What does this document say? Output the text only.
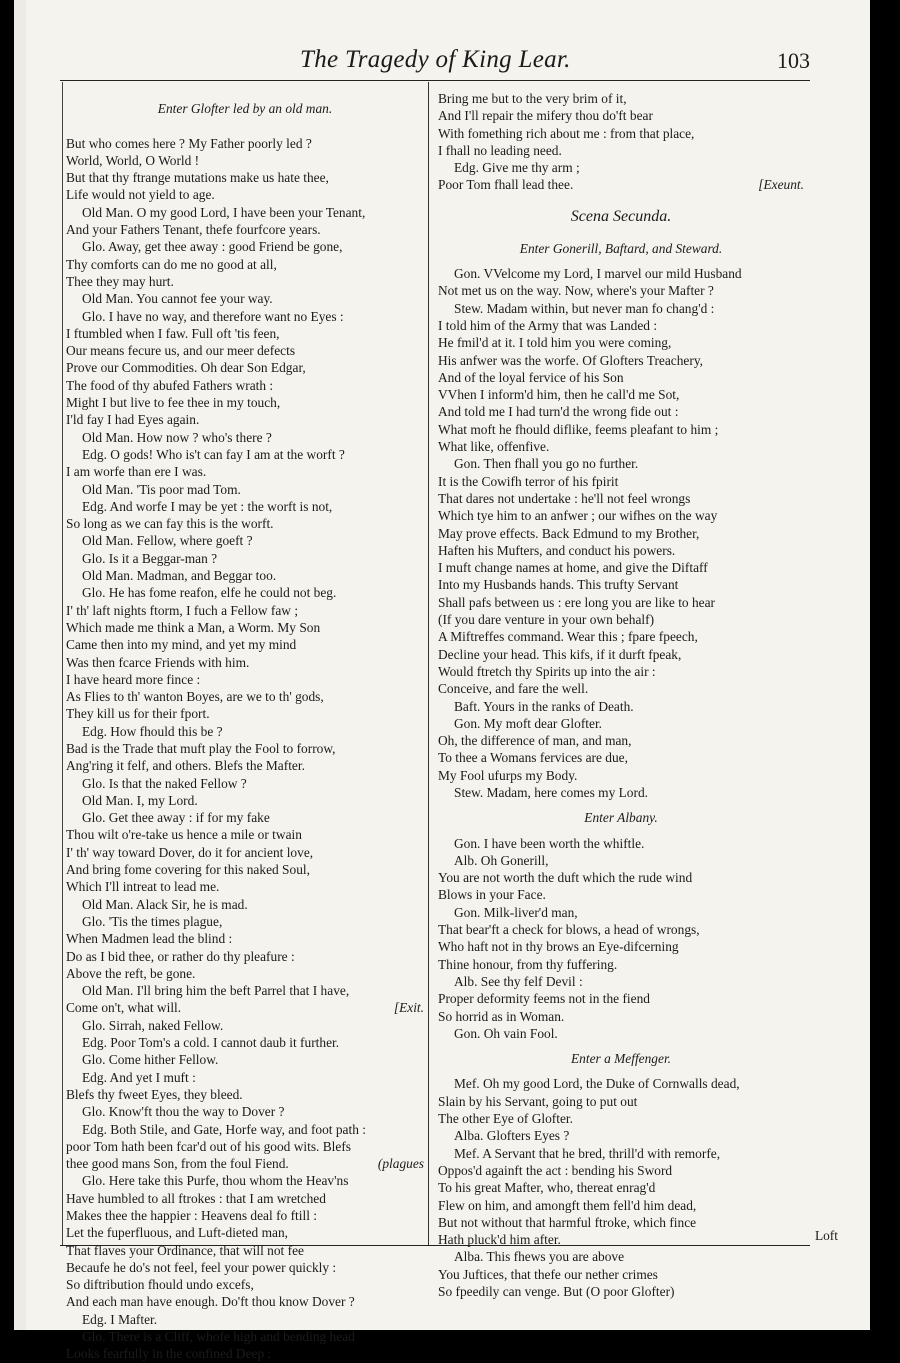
The Tragedy of King Lear.	103
Enter Glofter led by an old man.
But who comes here ? My Father poorly led ?
World, World, O World !
But that thy ftrange mutations make us hate thee,
Life would not yield to age.
Old Man. O my good Lord, I have been your Tenant,
And your Fathers Tenant, thefe fourfcore years.
Glo. Away, get thee away : good Friend be gone,
Thy comforts can do me no good at all,
Thee they may hurt.
Old Man. You cannot fee your way.
Glo. I have no way, and therefore want no Eyes :
I ftumbled when I faw. Full oft 'tis feen,
Our means fecure us, and our meer defects
Prove our Commodities. Oh dear Son Edgar,
The food of thy abufed Fathers wrath :
Might I but live to fee thee in my touch,
I'ld fay I had Eyes again.
Old Man. How now ? who's there ?
Edg. O gods! Who is't can fay I am at the worft ?
I am worfe than ere I was.
Old Man. 'Tis poor mad Tom.
Edg. And worfe I may be yet : the worft is not,
So long as we can fay this is the worft.
Old Man. Fellow, where goeft ?
Glo. Is it a Beggar-man ?
Old Man. Madman, and Beggar too.
Glo. He has fome reafon, elfe he could not beg.
I' th' laft nights ftorm, I fuch a Fellow faw ;
Which made me think a Man, a Worm. My Son
Came then into my mind, and yet my mind
Was then fcarce Friends with him.
I have heard more fince :
As Flies to th' wanton Boyes, are we to th' gods,
They kill us for their fport.
Edg. How fhould this be ?
Bad is the Trade that muft play the Fool to forrow,
Ang'ring it felf, and others. Blefs the Mafter.
Glo. Is that the naked Fellow ?
Old Man. I, my Lord.
Glo. Get thee away : if for my fake
Thou wilt o're-take us hence a mile or twain
I' th' way toward Dover, do it for ancient love,
And bring fome covering for this naked Soul,
Which I'll intreat to lead me.
Old Man. Alack Sir, he is mad.
Glo. 'Tis the times plague,
When Madmen lead the blind :
Do as I bid thee, or rather do thy pleafure :
Above the reft, be gone.
Old Man. I'll bring him the beft Parrel that I have,
Come on't, what will.	[Exit.
Glo. Sirrah, naked Fellow.
Edg. Poor Tom's a cold. I cannot daub it further.
Glo. Come hither Fellow.
Edg. And yet I muft :
Blefs thy fweet Eyes, they bleed.
Glo. Know'ft thou the way to Dover ?
Edg. Both Stile, and Gate, Horfe way, and foot path :
poor Tom hath been fcar'd out of his good wits. Blefs
thee good mans Son, from the foul Fiend.	(plagues
Glo. Here take this Purfe, thou whom the Heav'ns
Have humbled to all ftrokes : that I am wretched
Makes thee the happier : Heavens deal fo ftill :
Let the fuperfluous, and Luft-dieted man,
That flaves your Ordinance, that will not fee
Becaufe he do's not feel, feel your power quickly :
So diftribution fhould undo excefs,
And each man have enough. Do'ft thou know Dover ?
Edg. I Mafter.
Glo. There is a Cliff, whofe high and bending head
Looks fearfully in the confined Deep :
Bring me but to the very brim of it,
And I'll repair the mifery thou do'ft bear
With fomething rich about me : from that place,
I fhall no leading need.
Edg. Give me thy arm ;
Poor Tom fhall lead thee.	[Exeunt.
Scena Secunda.
Enter Gonerill, Baftard, and Steward.
Gon. VVelcome my Lord, I marvel our mild Husband
Not met us on the way. Now, where's your Mafter ?
Stew. Madam within, but never man fo chang'd :
I told him of the Army that was Landed :
He fmil'd at it. I told him you were coming,
His anfwer was the worfe. Of Glofters Treachery,
And of the loyal fervice of his Son
VVhen I inform'd him, then he call'd me Sot,
And told me I had turn'd the wrong fide out :
What moft he fhould diflike, feems pleafant to him ;
What like, offenfive.
Gon. Then fhall you go no further.
It is the Cowifh terror of his fpirit
That dares not undertake : he'll not feel wrongs
Which tye him to an anfwer ; our wifhes on the way
May prove effects. Back Edmund to my Brother,
Haften his Mufters, and conduct his powers.
I muft change names at home, and give the Diftaff
Into my Husbands hands. This trufty Servant
Shall pafs between us : ere long you are like to hear
(If you dare venture in your own behalf)
A Miftreffes command. Wear this ; fpare fpeech,
Decline your head. This kifs, if it durft fpeak,
Would ftretch thy Spirits up into the air :
Conceive, and fare the well.
Baft. Yours in the ranks of Death.
Gon. My moft dear Glofter.
Oh, the difference of man, and man,
To thee a Womans fervices are due,
My Fool ufurps my Body.
Stew. Madam, here comes my Lord.
Enter Albany.
Gon. I have been worth the whiftle.
Alb. Oh Gonerill,
You are not worth the duft which the rude wind
Blows in your Face.
Gon. Milk-liver'd man,
That bear'ft a check for blows, a head of wrongs,
Who haft not in thy brows an Eye-difcerning
Thine honour, from thy fuffering.
Alb. See thy felf Devil :
Proper deformity feems not in the fiend
So horrid as in Woman.
Gon. Oh vain Fool.
Enter a Meffenger.
Mef. Oh my good Lord, the Duke of Cornwalls dead,
Slain by his Servant, going to put out
The other Eye of Glofter.
Alba. Glofters Eyes ?
Mef. A Servant that he bred, thrill'd with remorfe,
Oppos'd againft the act : bending his Sword
To his great Mafter, who, thereat enrag'd
Flew on him, and amongft them fell'd him dead,
But not without that harmful ftroke, which fince
Hath pluck'd him after.
Alba. This fhews you are above
You Juftices, that thefe our nether crimes
So fpeedily can venge. But (O poor Glofter)
Loft
